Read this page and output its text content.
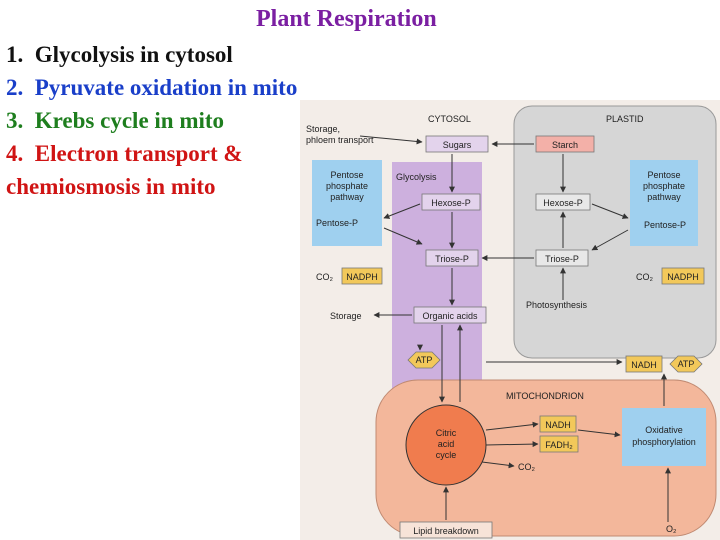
Plant Respiration
1. Glycolysis in cytosol
2. Pyruvate oxidation in mito
3. Krebs cycle in mito
4. Electron transport &
chemiosmosis in mito
CYTOSOL	PLASTID
MITOCHONDRION
Storage,
phloem transport	Sugars	Starch
Glycolysis
Pentose
phosphate
pathway
Pentose-P
Pentose
phosphate
pathway
Pentose-P
Hexose-P	Hexose-P
Triose-P	Triose-P
CO₂ NADPH	CO₂ NADPH
Photosynthesis
Storage	Organic acids
ATP	NADH ATP
Citric
acid
cycle
NADH
FADH₂
Oxidative
phosphorylation
CO₂
Lipid breakdown	O₂
